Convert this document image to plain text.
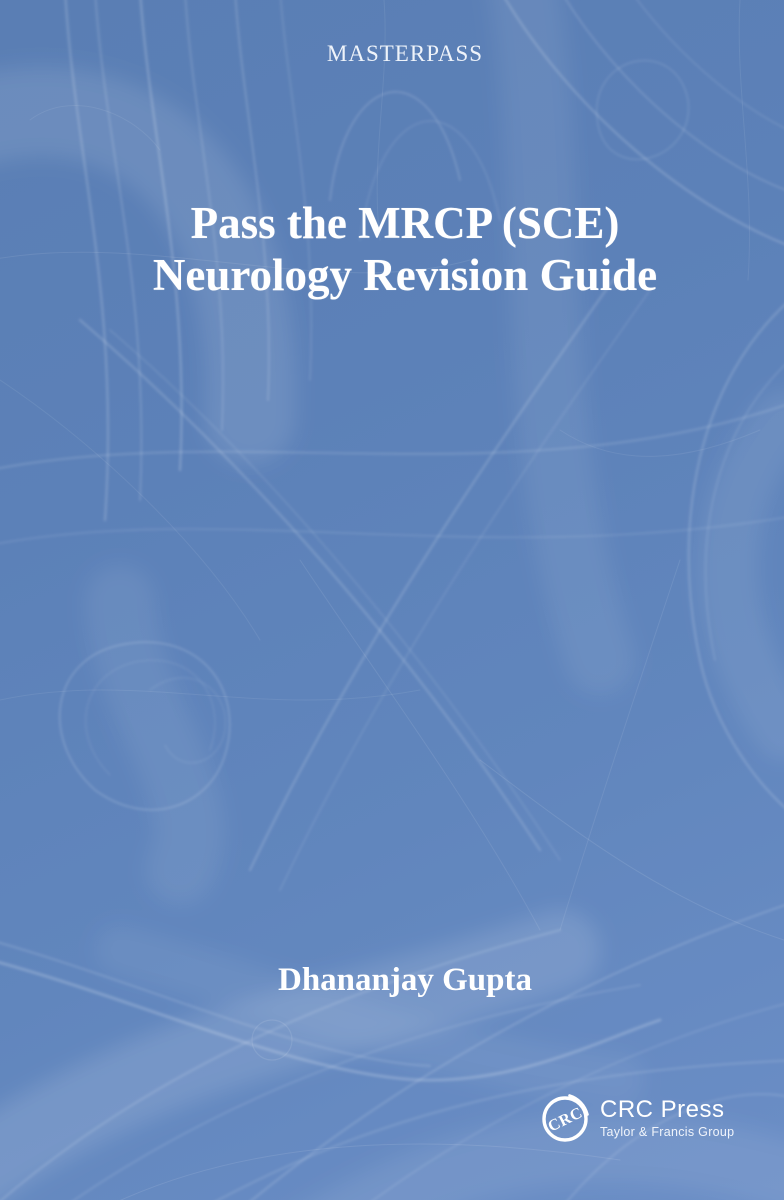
MASTERPASS
Pass the MRCP (SCE)
Neurology Revision Guide
Dhananjay Gupta
CRC CRC Press
Taylor & Francis Group
